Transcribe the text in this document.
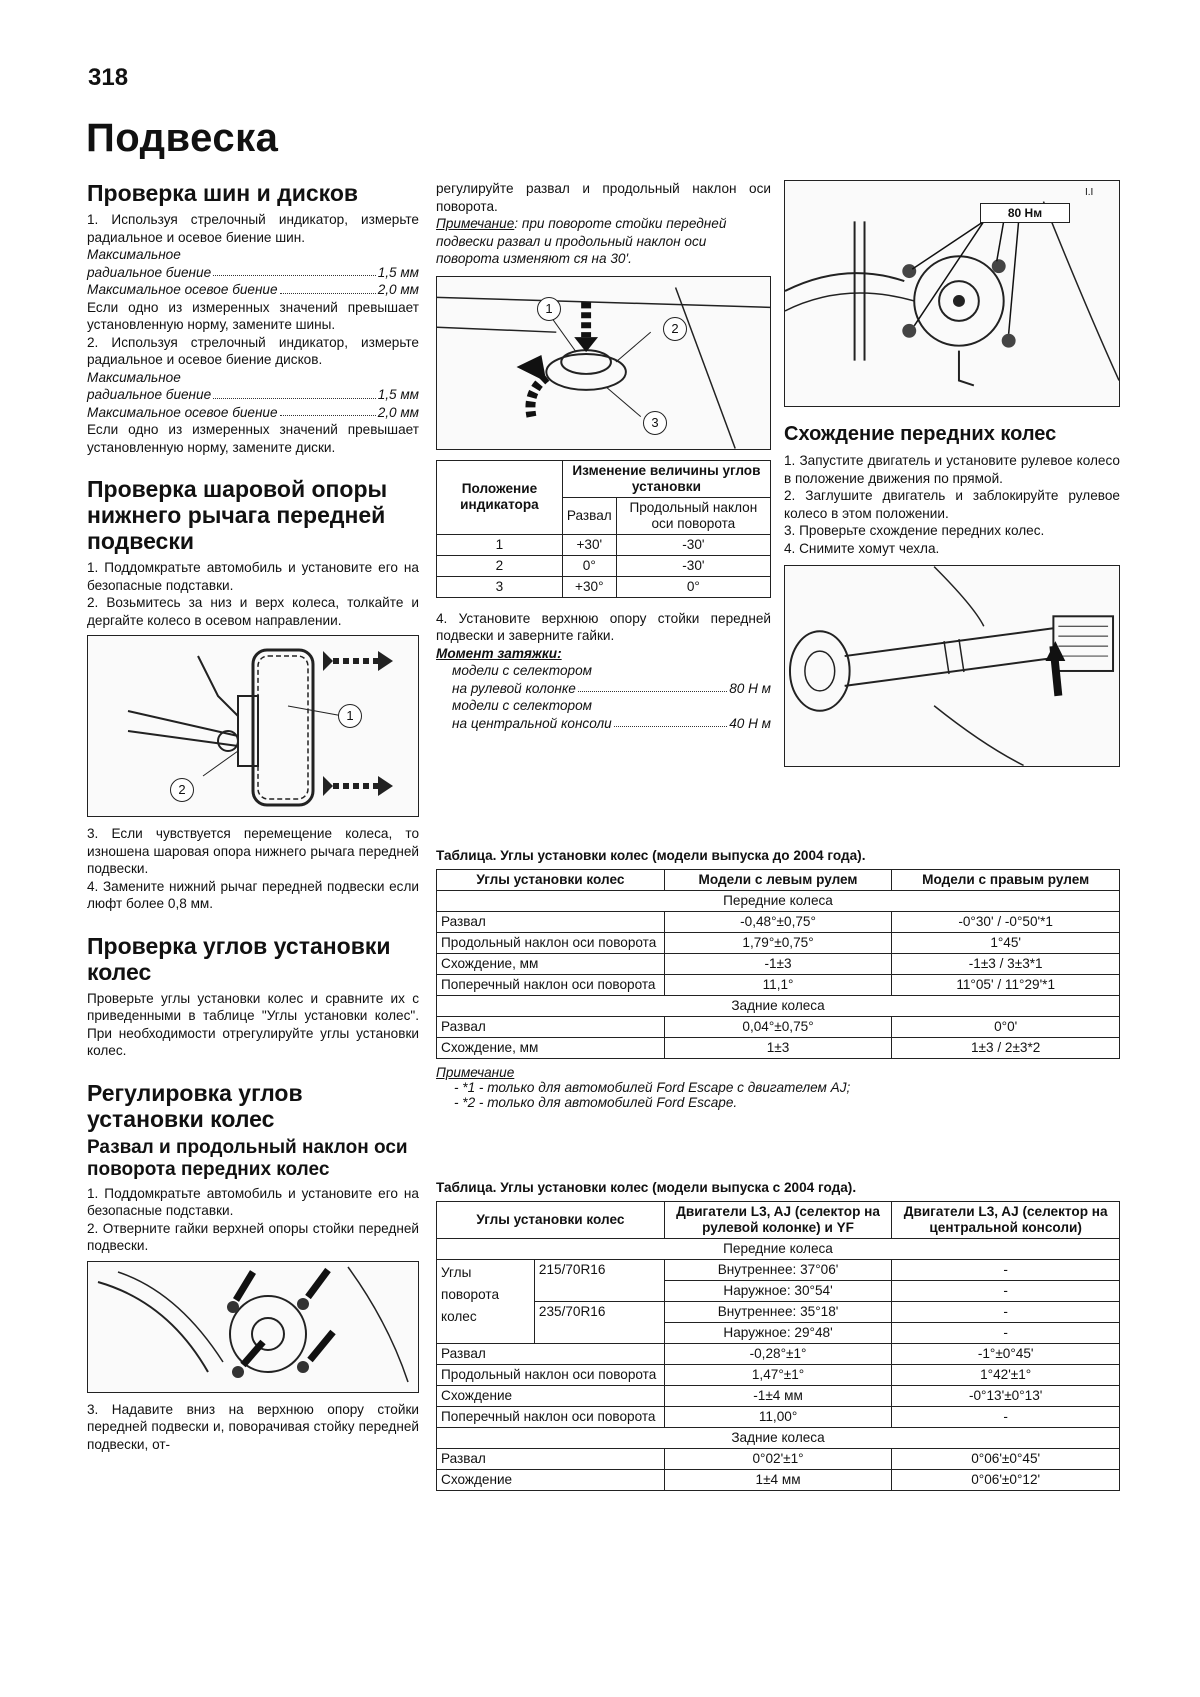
318
Подвеска
Проверка шин и дисков

1. Используя стрелочный индикатор, измерьте радиальное и осевое биение шин.

Максимальное

радиальное биение	1,5 мм
Максимальное осевое биение	2,0 мм

Если одно из измеренных значений превышает установленную норму, замените шины.

2. Используя стрелочный индикатор, измерьте радиальное и осевое биение дисков.

Максимальное

радиальное биение	1,5 мм
Максимальное осевое биение	2,0 мм

Если одно из измеренных значений превышает установленную норму, замените диски.

Проверка шаровой опоры нижнего рычага передней подвески

1. Поддомкратьте автомобиль и установите его на безопасные подставки.

2. Возьмитесь за низ и верх колеса, толкайте и дергайте колесо в осевом направлении.

1
2

3. Если чувствуется перемещение колеса, то изношена шаровая опора нижнего рычага передней подвески.

4. Замените нижний рычаг передней подвески если люфт более 0,8 мм.

Проверка углов установки колес

Проверьте углы установки колес и сравните их с приведенными в таблице "Углы установки колес". При необходимости отрегулируйте углы установки колес.

Регулировка углов установки колес
Развал и продольный наклон оси поворота передних колес

1. Поддомкратьте автомобиль и установите его на безопасные подставки.

2. Отверните гайки верхней опоры стойки передней подвески.

3. Надавите вниз на верхнюю опору стойки передней подвески и, поворачивая стойку передней подвески, от-

регулируйте развал и продольный наклон оси поворота.

Примечание: при повороте стойки передней подвески развал и продольный наклон оси поворота изменяют ся на 30'.

1
2
3
Положение индикатора	Изменение величины углов установки	
	Развал	Продольный наклон оси поворота
1	+30'	-30'
2	0°	-30'
3	+30°	0°

4. Установите верхнюю опору стойки передней подвески и заверните гайки.

Момент затяжки:

модели с селектором

на рулевой колонке	80 Н м

модели с селектором

на центральной консоли	40 Н м
80 Нм
І.І
Схождение передних колес

1. Запустите двигатель и установите рулевое колесо в положение движения по прямой.

2. Заглушите двигатель и заблокируйте рулевое колесо в этом положении.

3. Проверьте схождение передних колес.

4. Снимите хомут чехла.

Таблица. Углы установки колес (модели выпуска до 2004 года).
Углы установки колес	Модели с левым рулем	Модели с правым рулем
Передние колеса		
Развал	-0,48°±0,75°	-0°30' / -0°50'*1
Продольный наклон оси поворота	1,79°±0,75°	1°45'
Схождение, мм	-1±3	-1±3 / 3±3*1
Поперечный наклон оси поворота	11,1°	11°05' / 11°29'*1
Задние колеса		
Развал	0,04°±0,75°	0°0'
Схождение, мм	1±3	1±3 / 2±3*2
Примечание
- *1 - только для автомобилей Ford Escape с двигателем AJ;
- *2 - только для автомобилей Ford Escape.
Таблица. Углы установки колес (модели выпуска с 2004 года).
Углы установки колес		Двигатели L3, AJ (селектор на рулевой колонке) и YF	Двигатели L3, AJ (селектор на центральной консоли)
Передние колеса			
Углы поворота колес	215/70R16	Внутреннее: 37°06'	-
		Наружное: 30°54'	-
	235/70R16	Внутреннее: 35°18'	-
		Наружное: 29°48'	-
Развал		-0,28°±1°	-1°±0°45'
Продольный наклон оси поворота		1,47°±1°	1°42'±1°
Схождение		-1±4 мм	-0°13'±0°13'
Поперечный наклон оси поворота		11,00°	-
Задние колеса			
Развал		0°02'±1°	0°06'±0°45'
Схождение		1±4 мм	0°06'±0°12'
